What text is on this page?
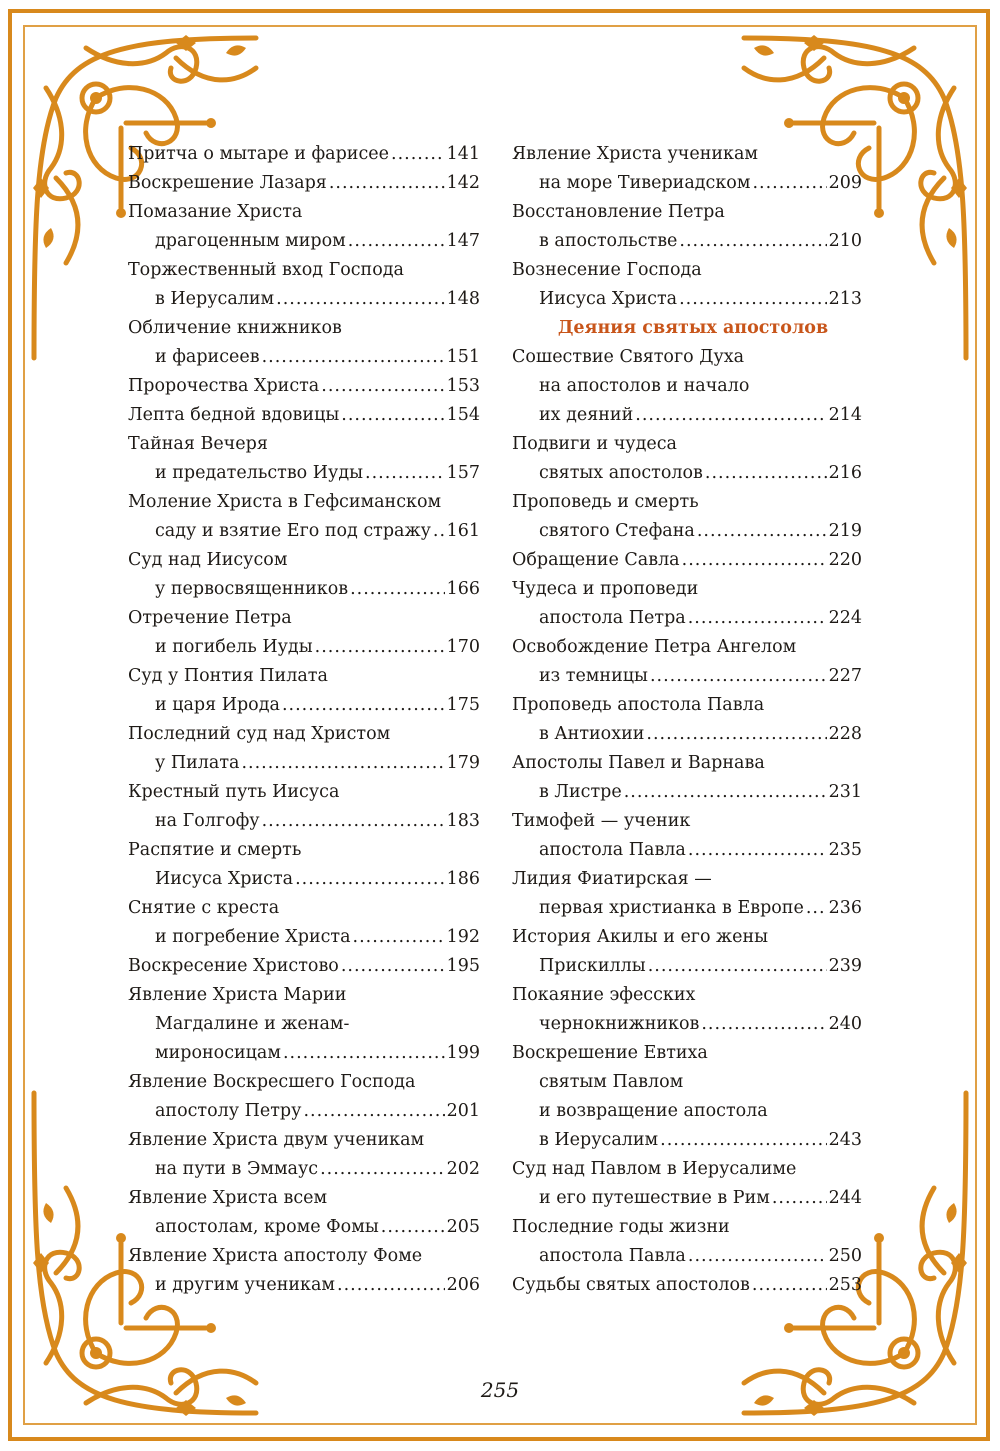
Притча о мытаре и фарисее .....	141
Воскрешение Лазаря .....	142
Помазание Христа
драгоценным миром .....	147
Торжественный вход Господа
в Иерусалим .....	148
Обличение книжников
и фарисеев .....	151
Пророчества Христа .....	153
Лепта бедной вдовицы .....	154
Тайная Вечеря
и предательство Иуды .....	157
Моление Христа в Гефсиманском
саду и взятие Его под стражу ..... 161
Суд над Иисусом
у первосвященников .....	166
Отречение Петра
и погибель Иуды .....	170
Суд у Понтия Пилата
и царя Ирода .....	175
Последний суд над Христом
у Пилата .....	179
Крестный путь Иисуса
на Голгофу .....	183
Распятие и смерть
Иисуса Христа .....	186
Снятие с креста
и погребение Христа .....	192
Воскресение Христово .....	195
Явление Христа Марии
Магдалине и женам-
мироносицам .....	199
Явление Воскресшего Господа
апостолу Петру .....	201
Явление Христа двум ученикам
на пути в Эммаус .....	202
Явление Христа всем
апостолам, кроме Фомы .....	205
Явление Христа апостолу Фоме
и другим ученикам .....	206
Явление Христа ученикам
на море Тивериадском .....	209
Восстановление Петра
в апостольстве .....	210
Вознесение Господа
Иисуса Христа .....	213
Деяния святых апостолов
Сошествие Святого Духа
на апостолов и начало
их деяний .....	214
Подвиги и чудеса
святых апостолов .....	216
Проповедь и смерть
святого Стефана .....	219
Обращение Савла .....	220
Чудеса и проповеди
апостола Петра .....	224
Освобождение Петра Ангелом
из темницы .....	227
Проповедь апостола Павла
в Антиохии .....	228
Апостолы Павел и Варнава
в Листре .....	231
Тимофей — ученик
апостола Павла .....	235
Лидия Фиатирская —
первая христианка в Европе ..... 236
История Акилы и его жены
Прискиллы .....	239
Покаяние эфесских
чернокнижников .....	240
Воскрешение Евтиха
святым Павлом
и возвращение апостола
в Иерусалим .....	243
Суд над Павлом в Иерусалиме
и его путешествие в Рим .....	244
Последние годы жизни
апостола Павла .....	250
Судьбы святых апостолов .....	253
255
